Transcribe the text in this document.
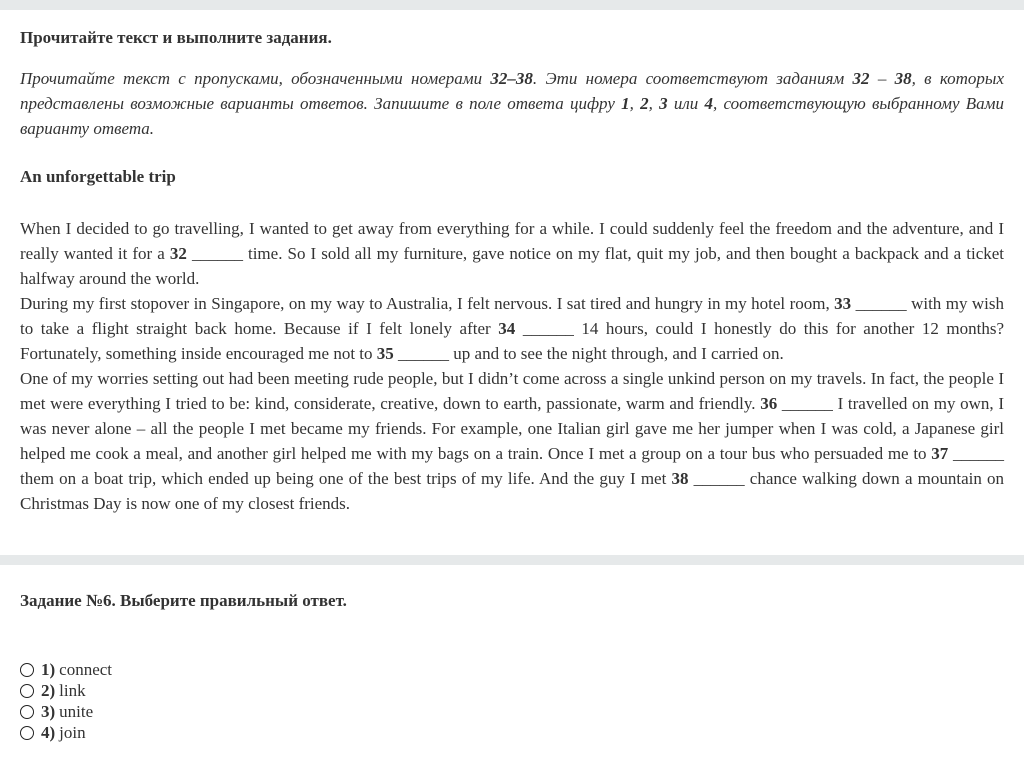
Прочитайте текст и выполните задания.

Прочитайте текст с пропусками, обозначенными номерами 32–38. Эти номера соответствуют заданиям 32 – 38, в которых представлены возможные варианты ответов. Запишите в поле ответа цифру 1, 2, 3 или 4, соответствующую выбранному Вами варианту ответа.

An unforgettable trip

When I decided to go travelling, I wanted to get away from everything for a while. I could suddenly feel the freedom and the adventure, and I really wanted it for a 32 ______ time. So I sold all my furniture, gave notice on my flat, quit my job, and then bought a backpack and a ticket halfway around the world.

During my first stopover in Singapore, on my way to Australia, I felt nervous. I sat tired and hungry in my hotel room, 33 ______ with my wish to take a flight straight back home. Because if I felt lonely after 34 ______ 14 hours, could I honestly do this for another 12 months? Fortunately, something inside encouraged me not to 35 ______ up and to see the night through, and I carried on.

One of my worries setting out had been meeting rude people, but I didn’t come across a single unkind person on my travels. In fact, the people I met were everything I tried to be: kind, considerate, creative, down to earth, passionate, warm and friendly. 36 ______ I travelled on my own, I was never alone – all the people I met became my friends. For example, one Italian girl gave me her jumper when I was cold, a Japanese girl helped me cook a meal, and another girl helped me with my bags on a train. Once I met a group on a tour bus who persuaded me to 37 ______ them on a boat trip, which ended up being one of the best trips of my life. And the guy I met 38 ______ chance walking down a mountain on Christmas Day is now one of my closest friends.

Задание №6. Выберите правильный ответ.
1) connect
2) link
3) unite
4) join
